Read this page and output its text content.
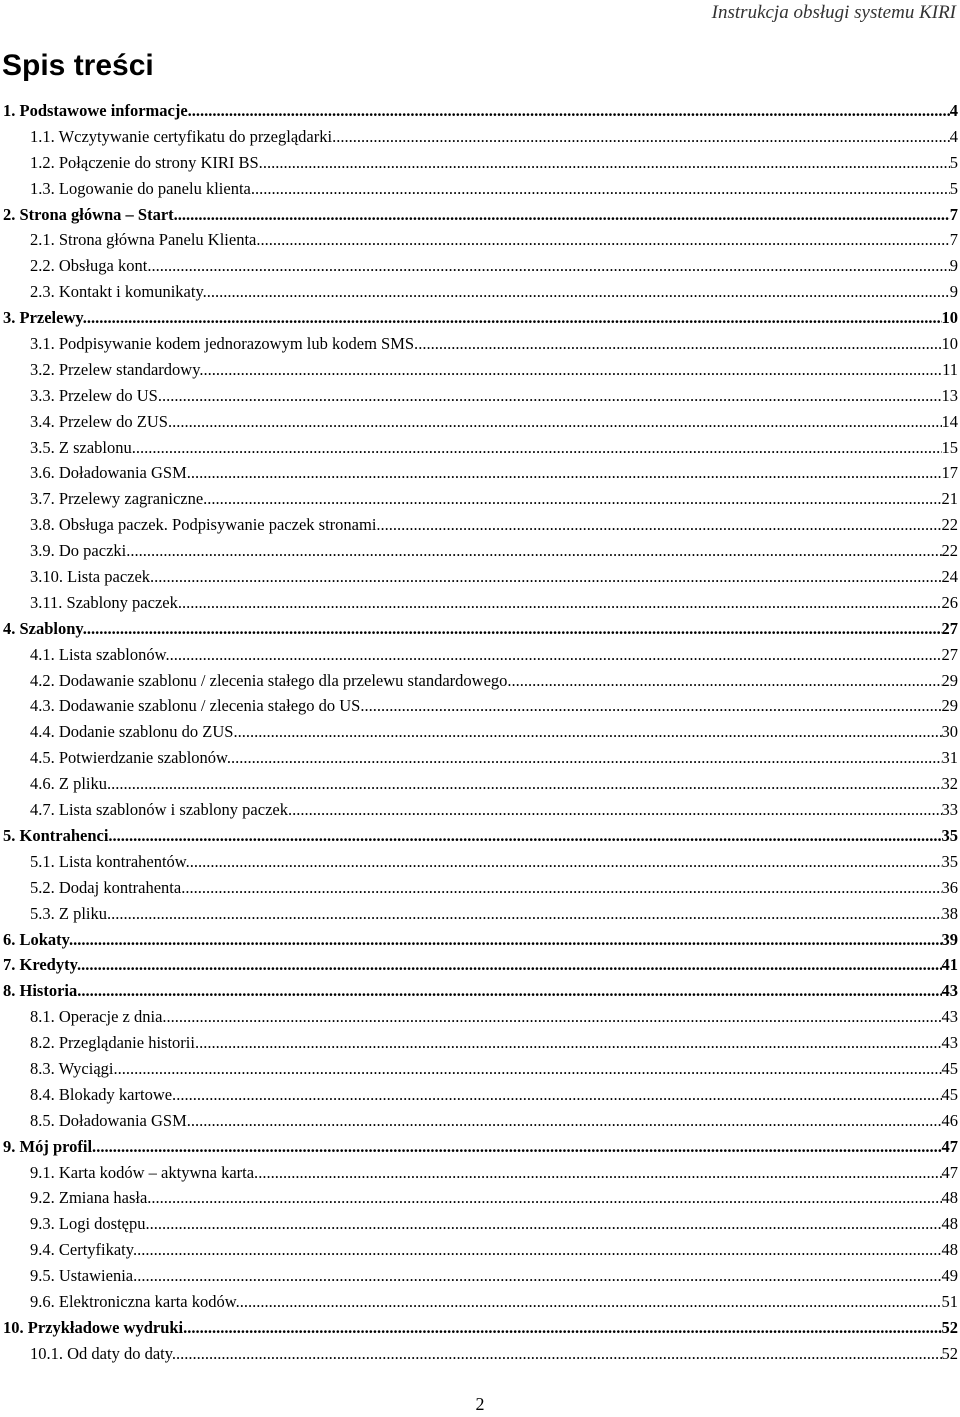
Instrukcja obsługi systemu KIRI
Spis treści
1. Podstawowe informacje. .....	4
1.1. Wczytywanie certyfikatu do przeglądarki. .....	4
1.2. Połączenie do strony KIRI BS. .....	5
1.3. Logowanie do panelu klienta. .....	5
2. Strona główna – Start. .....	7
2.1. Strona główna Panelu Klienta. .....	7
2.2. Obsługa kont .....	9
2.3. Kontakt i komunikaty. .....	9
3. Przelewy. .....	10
3.1. Podpisywanie kodem jednorazowym lub kodem SMS. .....	10
3.2. Przelew standardowy. .....	11
3.3. Przelew do US. .....	13
3.4. Przelew do ZUS. .....	14
3.5. Z szablonu. .....	15
3.6. Doładowania GSM. .....	17
3.7. Przelewy zagraniczne. .....	21
3.8. Obsługa paczek. Podpisywanie paczek stronami. .....	22
3.9. Do paczki. .....	22
3.10. Lista paczek. .....	24
3.11. Szablony paczek. .....	26
4. Szablony. .....	27
4.1. Lista szablonów. .....	27
4.2. Dodawanie szablonu / zlecenia stałego dla przelewu standardowego. .....	29
4.3. Dodawanie szablonu / zlecenia stałego do US. .....	29
4.4. Dodanie szablonu do ZUS. .....	30
4.5. Potwierdzanie szablonów. .....	31
4.6. Z pliku. .....	32
4.7. Lista szablonów i szablony paczek. .....	33
5. Kontrahenci. .....	35
5.1. Lista kontrahentów. .....	35
5.2. Dodaj kontrahenta. .....	36
5.3. Z pliku. .....	38
6. Lokaty. .....	39
7. Kredyty. .....	41
8. Historia. .....	43
8.1. Operacje z dnia. .....	43
8.2. Przeglądanie historii. .....	43
8.3. Wyciągi. .....	45
8.4. Blokady kartowe. .....	45
8.5. Doładowania GSM. .....	46
9. Mój profil. .....	47
9.1. Karta kodów – aktywna karta. .....	47
9.2. Zmiana hasła. .....	48
9.3. Logi dostępu. .....	48
9.4. Certyfikaty. .....	48
9.5. Ustawienia. .....	49
9.6. Elektroniczna karta kodów. .....	51
10. Przykładowe wydruki. .....	52
10.1. Od daty do daty. .....	52
2
